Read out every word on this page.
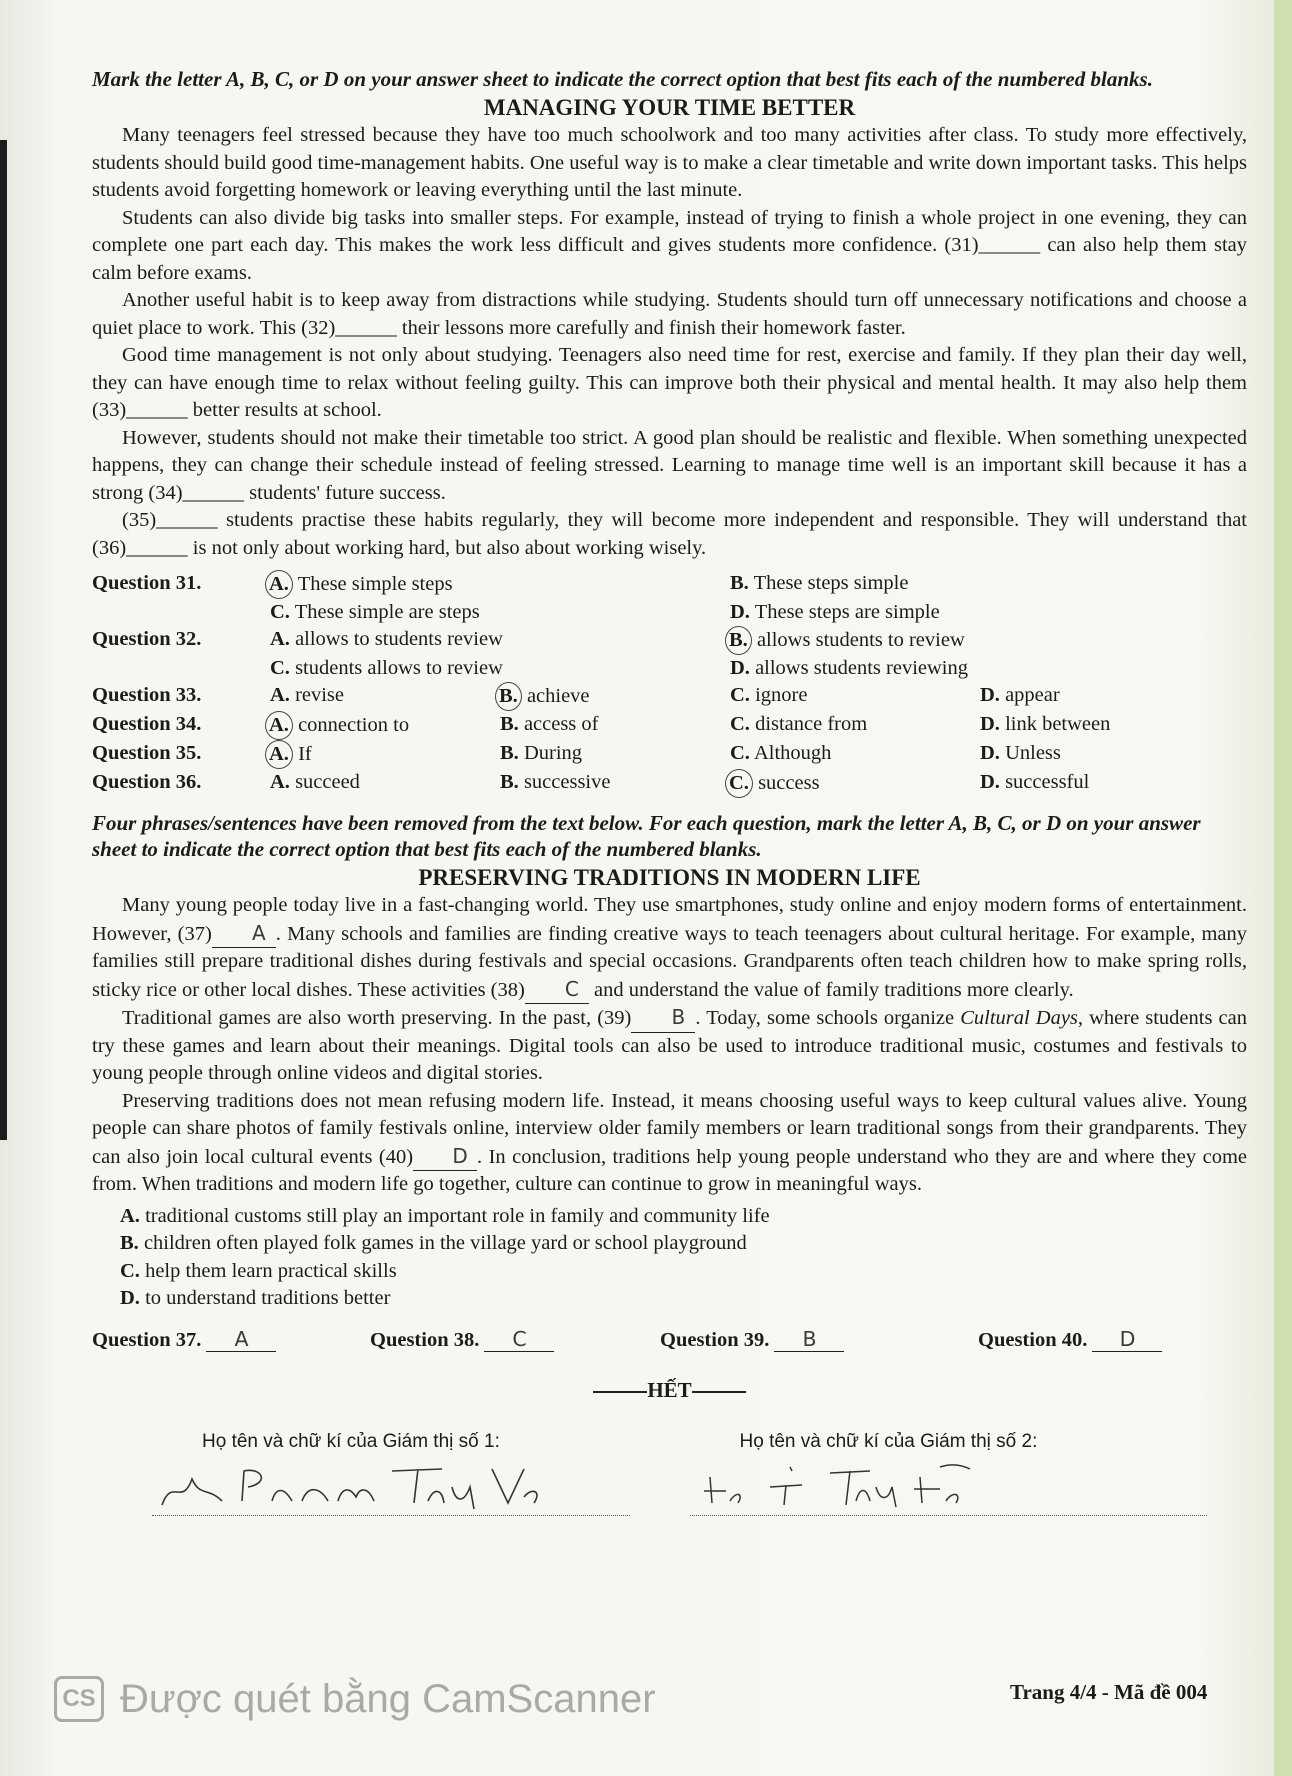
Mark the letter A, B, C, or D on your answer sheet to indicate the correct option that best fits each of the numbered blanks.

MANAGING YOUR TIME BETTER

Many teenagers feel stressed because they have too much schoolwork and too many activities after class. To study more effectively, students should build good time-management habits. One useful way is to make a clear timetable and write down important tasks. This helps students avoid forgetting homework or leaving everything until the last minute.

Students can also divide big tasks into smaller steps. For example, instead of trying to finish a whole project in one evening, they can complete one part each day. This makes the work less difficult and gives students more confidence. (31)______ can also help them stay calm before exams.

Another useful habit is to keep away from distractions while studying. Students should turn off unnecessary notifications and choose a quiet place to work. This (32)______ their lessons more carefully and finish their homework faster.

Good time management is not only about studying. Teenagers also need time for rest, exercise and family. If they plan their day well, they can have enough time to relax without feeling guilty. This can improve both their physical and mental health. It may also help them (33)______ better results at school.

However, students should not make their timetable too strict. A good plan should be realistic and flexible. When something unexpected happens, they can change their schedule instead of feeling stressed. Learning to manage time well is an important skill because it has a strong (34)______ students' future success.

(35)______ students practise these habits regularly, they will become more independent and responsible. They will understand that (36)______ is not only about working hard, but also about working wisely.

Question 31.	A. These simple steps		B. These steps simple	
	C. These simple are steps		D. These steps are simple	
Question 32.	A. allows to students review		B. allows students to review	
	C. students allows to review		D. allows students reviewing	
Question 33.	A. revise	B. achieve	C. ignore	D. appear
Question 34.	A. connection to	B. access of	C. distance from	D. link between
Question 35.	A. If	B. During	C. Although	D. Unless
Question 36.	A. succeed	B. successive	C. success	D. successful

Four phrases/sentences have been removed from the text below. For each question, mark the letter A, B, C, or D on your answer sheet to indicate the correct option that best fits each of the numbered blanks.

PRESERVING TRADITIONS IN MODERN LIFE

Many young people today live in a fast-changing world. They use smartphones, study online and enjoy modern forms of entertainment. However, (37) A . Many schools and families are finding creative ways to teach teenagers about cultural heritage. For example, many families still prepare traditional dishes during festivals and special occasions. Grandparents often teach children how to make spring rolls, sticky rice or other local dishes. These activities (38) C and understand the value of family traditions more clearly.

Traditional games are also worth preserving. In the past, (39) B . Today, some schools organize Cultural Days, where students can try these games and learn about their meanings. Digital tools can also be used to introduce traditional music, costumes and festivals to young people through online videos and digital stories.

Preserving traditions does not mean refusing modern life. Instead, it means choosing useful ways to keep cultural values alive. Young people can share photos of family festivals online, interview older family members or learn traditional songs from their grandparents. They can also join local cultural events (40) D . In conclusion, traditions help young people understand who they are and where they come from. When traditions and modern life go together, culture can continue to grow in meaningful ways.

A. traditional customs still play an important role in family and community life
B. children often played folk games in the village yard or school playground
C. help them learn practical skills
D. to understand traditions better
Question 37. A	Question 38. C	Question 39. B	Question 40. D
HẾT
Họ tên và chữ kí của Giám thị số 1:	Họ tên và chữ kí của Giám thị số 2:
CS Được quét bằng CamScanner	Trang 4/4 - Mã đề 004
